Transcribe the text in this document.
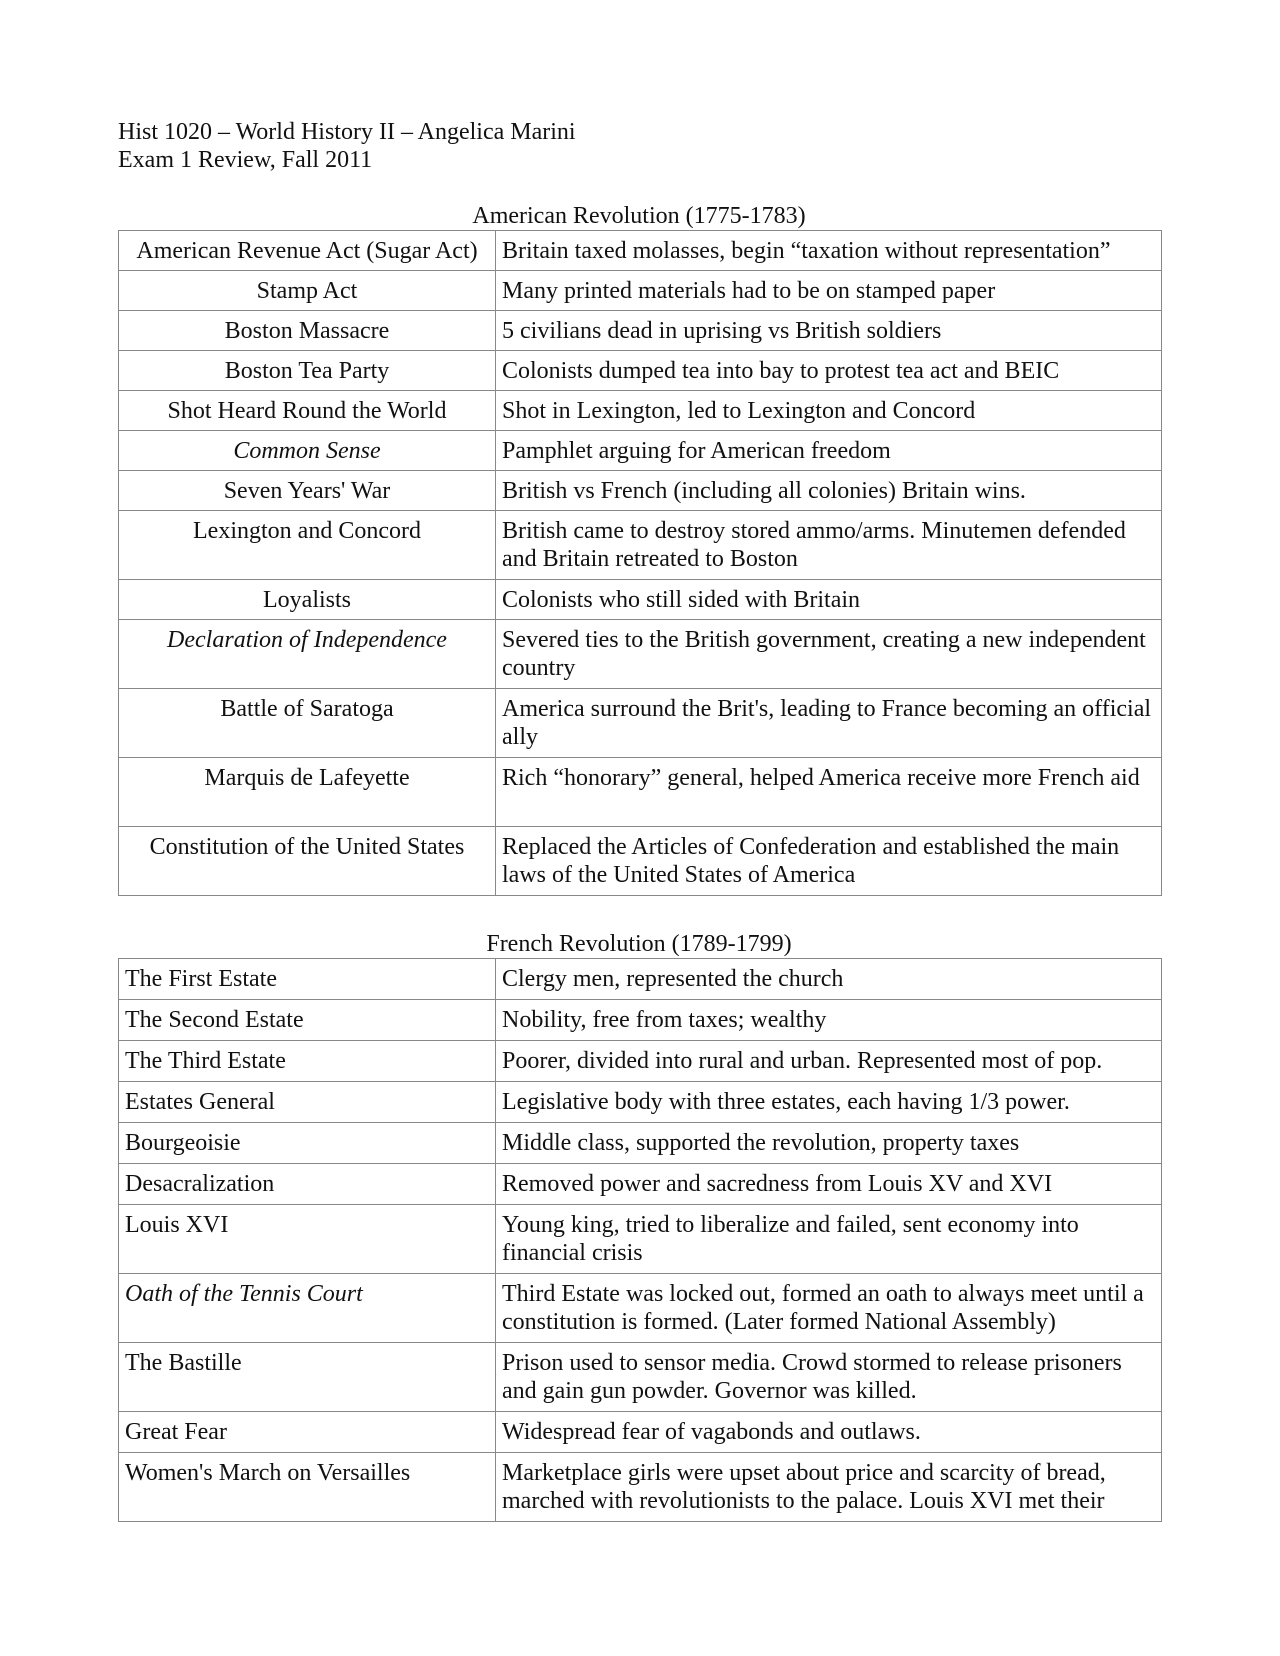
Hist 1020 – World History II – Angelica Marini
Exam 1 Review, Fall 2011
American Revolution (1775-1783)
American Revenue Act (Sugar Act)	Britain taxed molasses, begin “taxation without representation”
Stamp Act	Many printed materials had to be on stamped paper
Boston Massacre	5 civilians dead in uprising vs British soldiers
Boston Tea Party	Colonists dumped tea into bay to protest tea act and BEIC
Shot Heard Round the World	Shot in Lexington, led to Lexington and Concord
Common Sense	Pamphlet arguing for American freedom
Seven Years' War	British vs French (including all colonies) Britain wins.
Lexington and Concord	British came to destroy stored ammo/arms. Minutemen defended and Britain retreated to Boston
Loyalists	Colonists who still sided with Britain
Declaration of Independence	Severed ties to the British government, creating a new independent country
Battle of Saratoga	America surround the Brit's, leading to France becoming an official ally
Marquis de Lafeyette	Rich “honorary” general, helped America receive more French aid
Constitution of the United States	Replaced the Articles of Confederation and established the main laws of the United States of America
French Revolution (1789-1799)
The First Estate	Clergy men, represented the church
The Second Estate	Nobility, free from taxes; wealthy
The Third Estate	Poorer, divided into rural and urban. Represented most of pop.
Estates General	Legislative body with three estates, each having 1/3 power.
Bourgeoisie	Middle class, supported the revolution, property taxes
Desacralization	Removed power and sacredness from Louis XV and XVI
Louis XVI	Young king, tried to liberalize and failed, sent economy into financial crisis
Oath of the Tennis Court	Third Estate was locked out, formed an oath to always meet until a constitution is formed. (Later formed National Assembly)
The Bastille	Prison used to sensor media. Crowd stormed to release prisoners and gain gun powder. Governor was killed.
Great Fear	Widespread fear of vagabonds and outlaws.
Women's March on Versailles	Marketplace girls were upset about price and scarcity of bread, marched with revolutionists to the palace. Louis XVI met their
